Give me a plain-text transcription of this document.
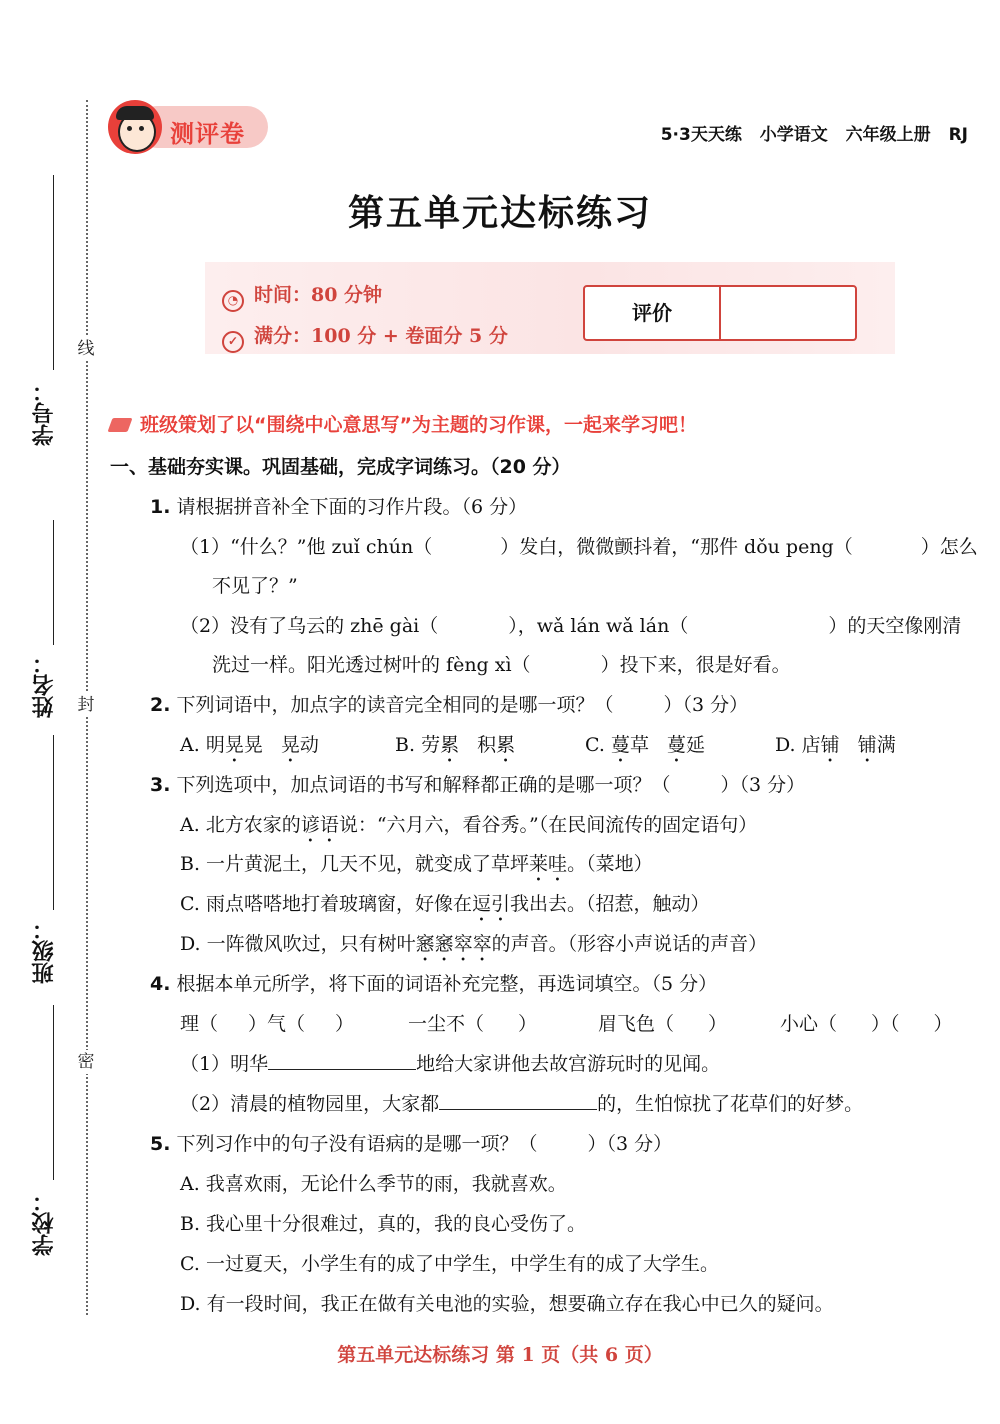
线
封
密
学号：
姓名：
班级：
学校：
测评卷	5·3天天练 小学语文 六年级上册 RJ
第五单元达标练习
◔ 时间：80 分钟
✓ 满分：100 分 + 卷面分 5 分
评价
班级策划了以“围绕中心意思写”为主题的习作课，一起来学习吧！
一、基础夯实课。巩固基础，完成字词练习。（20 分）
1. 请根据拼音补全下面的习作片段。（6 分）
（1）“什么？”他 zuǐ chún（	）发白，微微颤抖着，“那件 dǒu peng（	）怎么
不见了？”
（2）没有了乌云的 zhē gài（	），wǎ lán wǎ lán（	）的天空像刚清
洗过一样。阳光透过树叶的 fèng xì（	）投下来，很是好看。
2. 下列词语中，加点字的读音完全相同的是哪一项？（	）（3 分）
A. 明晃晃 晃动	B. 劳累 积累	C. 蔓草 蔓延	D. 店铺 铺满
3. 下列选项中，加点词语的书写和解释都正确的是哪一项？（	）（3 分）
A. 北方农家的谚语说：“六月六，看谷秀。”（在民间流传的固定语句）
B. 一片黄泥土，几天不见，就变成了草坪莱哇。（菜地）
C. 雨点嗒嗒地打着玻璃窗，好像在逗引我出去。（招惹，触动）
D. 一阵微风吹过，只有树叶窸窸窣窣的声音。（形容小声说话的声音）
4. 根据本单元所学，将下面的词语补充完整，再选词填空。（5 分）
理（ ）气（ ）	一尘不（ ）	眉飞色（ ）	小心（ ）（ ）
（1）明华	地给大家讲他去故宫游玩时的见闻。
（2）清晨的植物园里，大家都	的，生怕惊扰了花草们的好梦。
5. 下列习作中的句子没有语病的是哪一项？（	）（3 分）
A. 我喜欢雨，无论什么季节的雨，我就喜欢。
B. 我心里十分很难过，真的，我的良心受伤了。
C. 一过夏天，小学生有的成了中学生，中学生有的成了大学生。
D. 有一段时间，我正在做有关电池的实验，想要确立存在我心中已久的疑问。
第五单元达标练习 第 1 页（共 6 页）
